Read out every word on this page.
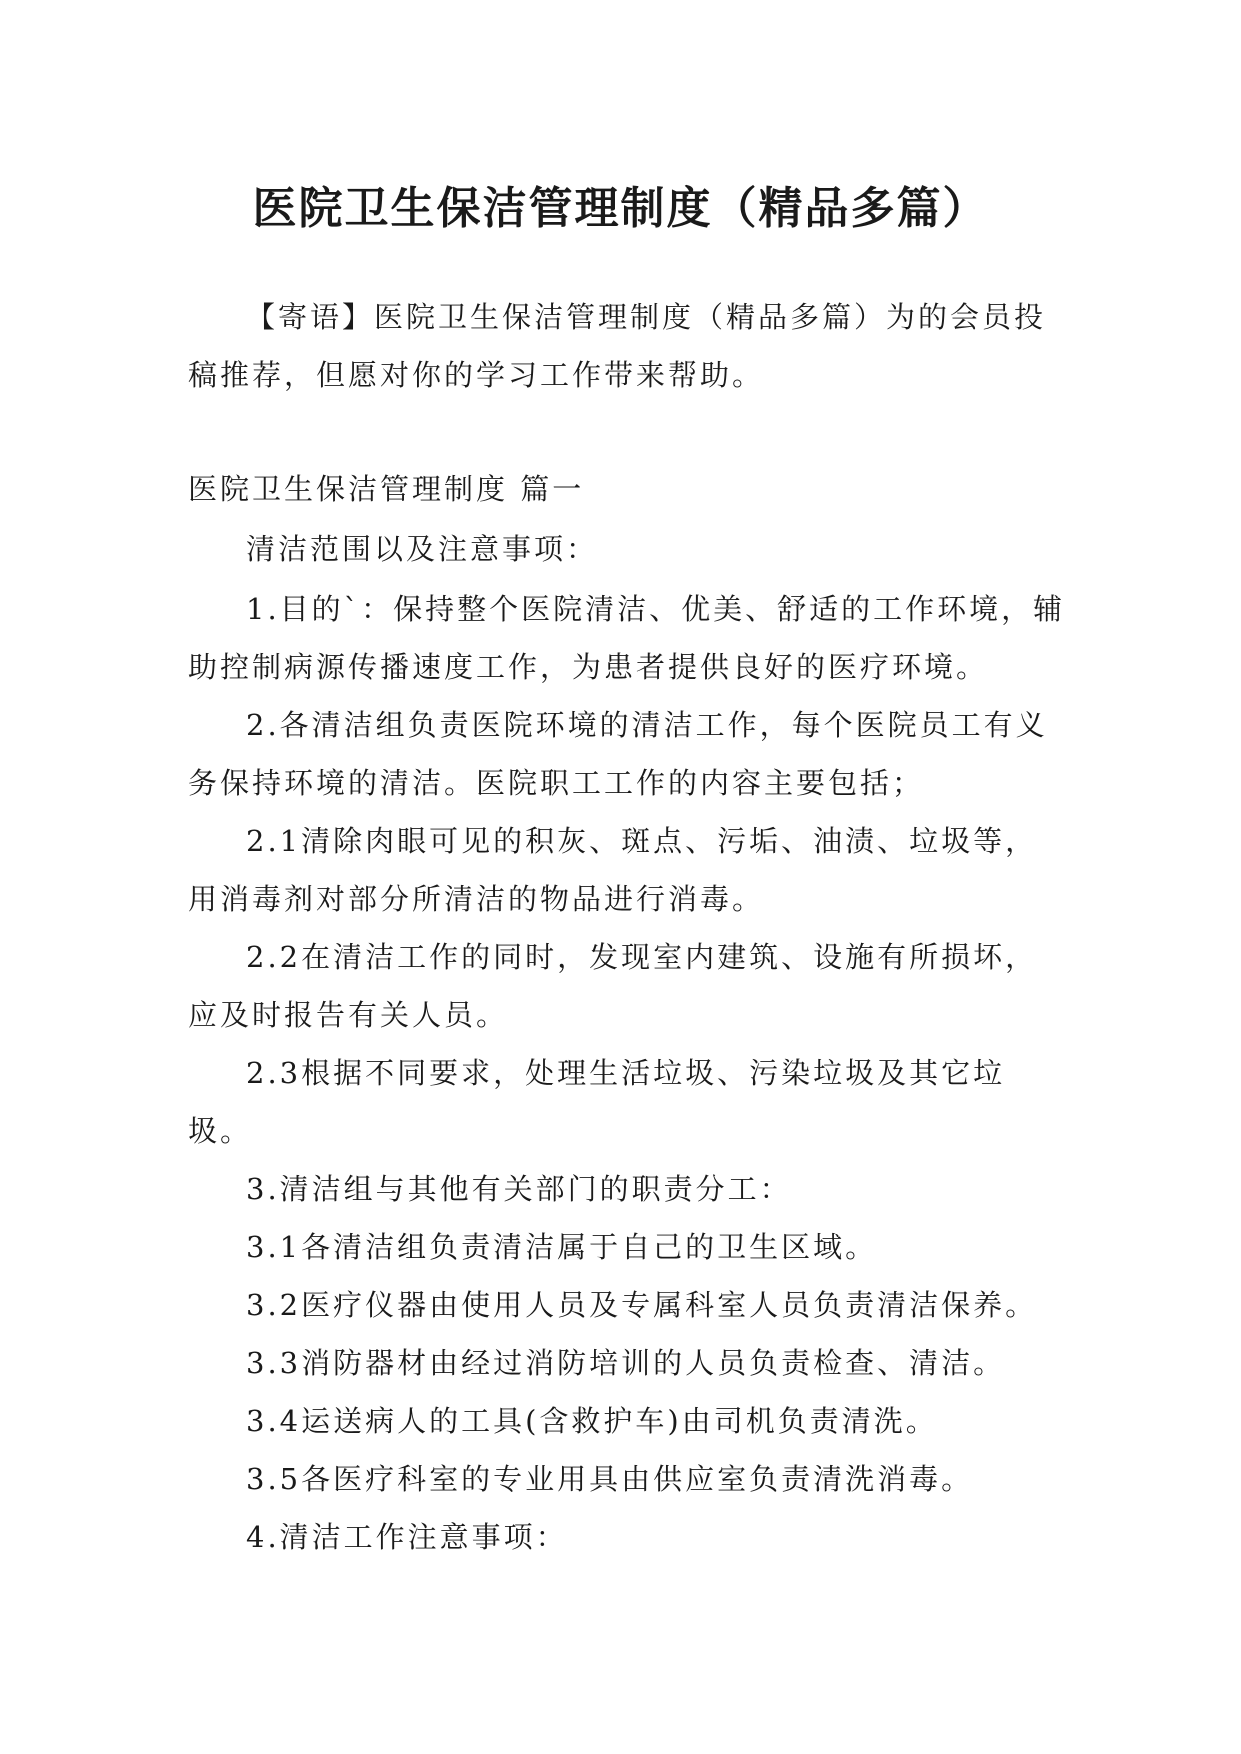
医院卫生保洁管理制度（精品多篇）

【寄语】医院卫生保洁管理制度（精品多篇）为的会员投稿推荐，但愿对你的学习工作带来帮助。

医院卫生保洁管理制度 篇一

清洁范围以及注意事项：

1.目的`：保持整个医院清洁、优美、舒适的工作环境，辅助控制病源传播速度工作，为患者提供良好的医疗环境。

2.各清洁组负责医院环境的清洁工作，每个医院员工有义务保持环境的清洁。医院职工工作的内容主要包括；

2.1清除肉眼可见的积灰、斑点、污垢、油渍、垃圾等，用消毒剂对部分所清洁的物品进行消毒。

2.2在清洁工作的同时，发现室内建筑、设施有所损坏，应及时报告有关人员。

2.3根据不同要求，处理生活垃圾、污染垃圾及其它垃圾。

3.清洁组与其他有关部门的职责分工：

3.1各清洁组负责清洁属于自己的卫生区域。

3.2医疗仪器由使用人员及专属科室人员负责清洁保养。

3.3消防器材由经过消防培训的人员负责检查、清洁。

3.4运送病人的工具(含救护车)由司机负责清洗。

3.5各医疗科室的专业用具由供应室负责清洗消毒。

4.清洁工作注意事项：
